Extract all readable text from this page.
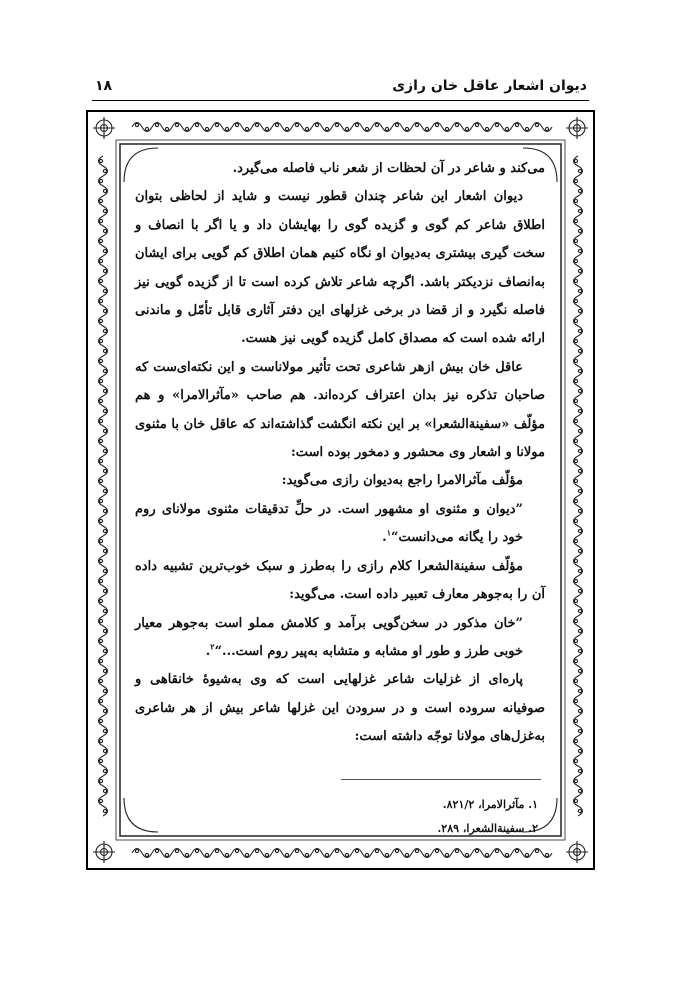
دیوان اشعار عاقل خان رازی
۱۸

می‌کند و شاعر در آن لحظات از شعر ناب فاصله می‌گیرد.

دیوان اشعار این شاعر چندان قطور نیست و شاید از لحاظی بتوان اطلاق شاعر کم گوی و گزیده گوی را بهایشان داد و یا اگر با انصاف و سخت گیری بیشتری به‌دیوان او نگاه کنیم همان اطلاق کم گویی برای ایشان به‌انصاف نزدیکتر باشد. اگرچه شاعر تلاش کرده است تا از گزیده گویی نیز فاصله نگیرد و از قضا در برخی غزلهای این دفتر آثاری قابل تأمّل و ماندنی ارائه شده است که مصداق کامل گزیده گویی نیز هست.

عاقل خان بیش ازهر شاعری تحت تأثیر مولاناست و این نکته‌ای‌ست که صاحبان تذکره نیز بدان اعتراف کرده‌اند. هم صاحب «مآثرالامرا» و هم مؤلّف «سفینةالشعرا» بر این نکته انگشت گذاشته‌اند که عاقل خان با مثنوی مولانا و اشعار وی محشور و دمخور بوده است:

مؤلّف مآثرالامرا راجع به‌دیوان رازی می‌گوید:

”دیوان و مثنوی او مشهور است. در حلِّ تدقیقات مثنوی مولانای روم خود را یگانه می‌دانست“$^۱$.

مؤلّف سفینةالشعرا کلام رازی را به‌طرز و سبک خوب‌ترین تشبیه داده آن را به‌جوهر معارف تعبیر داده است. می‌گوید:

”خان مذکور در سخن‌گویی برآمد و کلامش مملو است به‌جوهر معیار خوبی طرز و طور او مشابه و متشابه به‌پیر روم است...“$^۲$.

پاره‌ای از غزلیات شاعر غزلهایی است که وی به‌شیوهٔ خانقاهی و صوفیانه سروده است و در سرودن این غزلها شاعر بیش از هر شاعری به‌غزل‌های مولانا توجّه داشته است:

۱. مآثرالامرا، ۸۲۱/۲.
۲. سفینةالشعرا، ۲۸۹.
